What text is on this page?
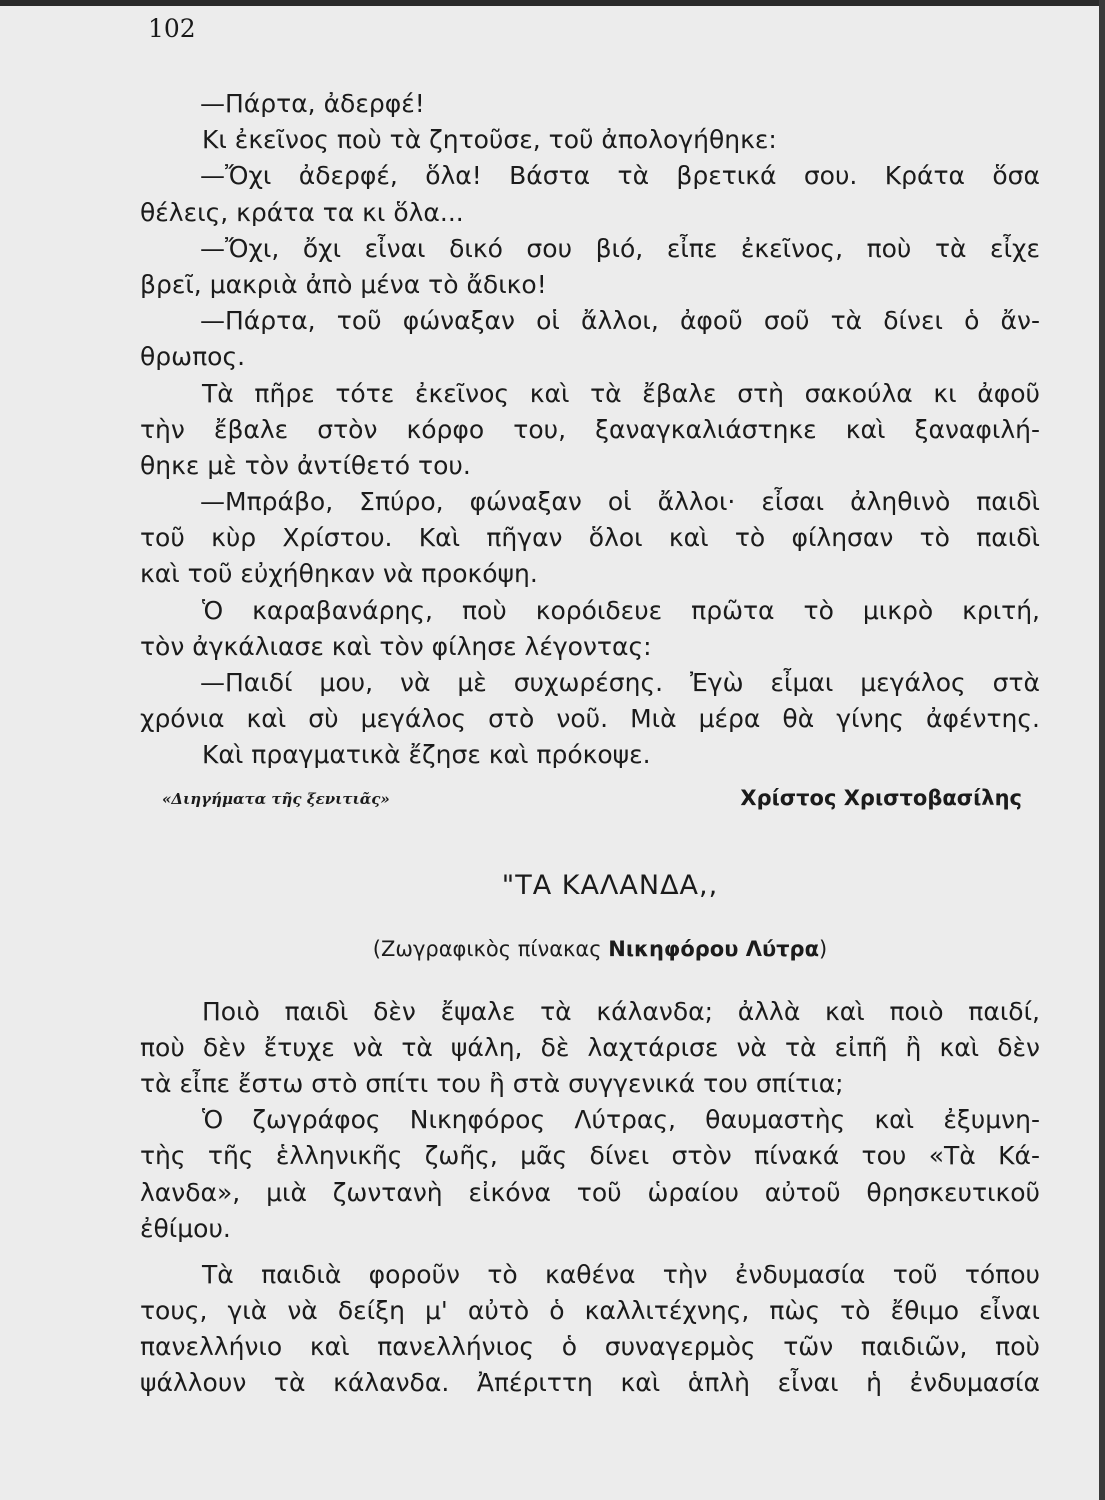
102
—Πάρτα, ἀδερφέ!
Κι ἐκεῖνος ποὺ τὰ ζητοῦσε, τοῦ ἀπολογήθηκε:
—Ὄχι ἀδερφέ, ὅλα! Βάστα τὰ βρετικά σου. Κράτα ὅσα
θέλεις, κράτα τα κι ὅλα...
—Ὄχι, ὄχι εἶναι δικό σου βιό, εἶπε ἐκεῖνος, ποὺ τὰ εἶχε
βρεῖ, μακριὰ ἀπὸ μένα τὸ ἄδικο!
—Πάρτα, τοῦ φώναξαν οἱ ἄλλοι, ἀφοῦ σοῦ τὰ δίνει ὁ ἄν-
θρωπος.
Τὰ πῆρε τότε ἐκεῖνος καὶ τὰ ἔβαλε στὴ σακούλα κι ἀφοῦ
τὴν ἔβαλε στὸν κόρφο του, ξαναγκαλιάστηκε καὶ ξαναφιλή-
θηκε μὲ τὸν ἀντίθετό του.
—Μπράβο, Σπύρο, φώναξαν οἱ ἄλλοι· εἶσαι ἀληθινὸ παιδὶ
τοῦ κὺρ Χρίστου. Καὶ πῆγαν ὅλοι καὶ τὸ φίλησαν τὸ παιδὶ
καὶ τοῦ εὐχήθηκαν νὰ προκόψη.
Ὁ καραβανάρης, ποὺ κορόιδευε πρῶτα τὸ μικρὸ κριτή,
τὸν ἀγκάλιασε καὶ τὸν φίλησε λέγοντας:
—Παιδί μου, νὰ μὲ συχωρέσης. Ἐγὼ εἶμαι μεγάλος στὰ
χρόνια καὶ σὺ μεγάλος στὸ νοῦ. Μιὰ μέρα θὰ γίνης ἀφέντης.
Καὶ πραγματικὰ ἔζησε καὶ πρόκοψε.
«Διηγήματα τῆς ξενιτιᾶς»	Χρίστος Χριστοβασίλης
"ΤΑ ΚΑΛΑΝΔΑ,,
(Ζωγραφικὸς πίνακας Νικηφόρου Λύτρα)
Ποιὸ παιδὶ δὲν ἔψαλε τὰ κάλανδα; ἀλλὰ καὶ ποιὸ παιδί,
ποὺ δὲν ἔτυχε νὰ τὰ ψάλη, δὲ λαχτάρισε νὰ τὰ εἰπῆ ἢ καὶ δὲν
τὰ εἶπε ἔστω στὸ σπίτι του ἢ στὰ συγγενικά του σπίτια;
Ὁ ζωγράφος Νικηφόρος Λύτρας, θαυμαστὴς καὶ ἐξυμνη-
τὴς τῆς ἑλληνικῆς ζωῆς, μᾶς δίνει στὸν πίνακά του «Τὰ Κά-
λανδα», μιὰ ζωντανὴ εἰκόνα τοῦ ὡραίου αὐτοῦ θρησκευτικοῦ
ἐθίμου.
Τὰ παιδιὰ φοροῦν τὸ καθένα τὴν ἐνδυμασία τοῦ τόπου
τους, γιὰ νὰ δείξη μ' αὐτὸ ὁ καλλιτέχνης, πὼς τὸ ἔθιμο εἶναι
πανελλήνιο καὶ πανελλήνιος ὁ συναγερμὸς τῶν παιδιῶν, ποὺ
ψάλλουν τὰ κάλανδα. Ἀπέριττη καὶ ἁπλὴ εἶναι ἡ ἐνδυμασία
